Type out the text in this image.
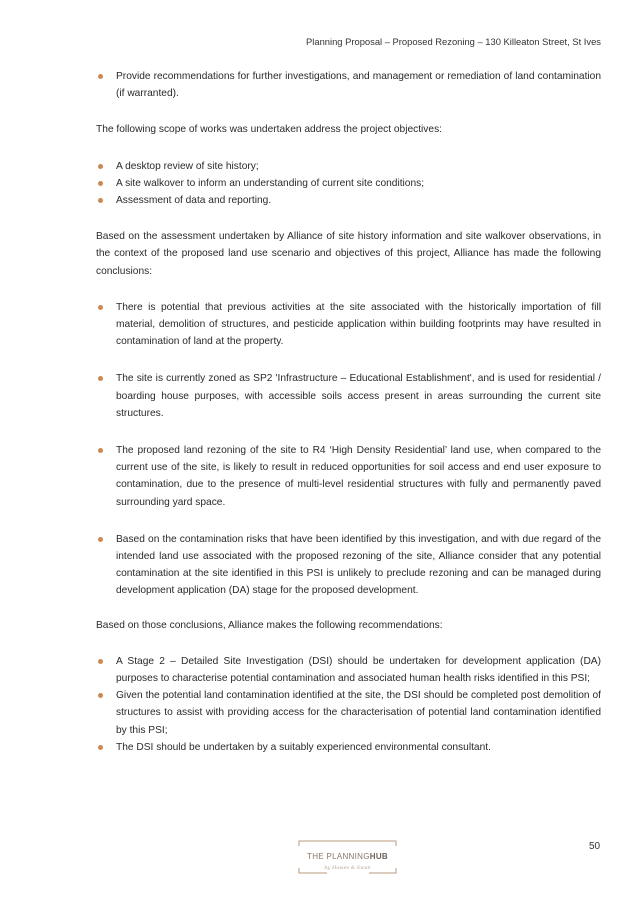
Planning Proposal – Proposed Rezoning – 130 Killeaton Street, St Ives
Provide recommendations for further investigations, and management or remediation of land contamination (if warranted).

The following scope of works was undertaken address the project objectives:

A desktop review of site history;
A site walkover to inform an understanding of current site conditions;
Assessment of data and reporting.

Based on the assessment undertaken by Alliance of site history information and site walkover observations, in the context of the proposed land use scenario and objectives of this project, Alliance has made the following conclusions:

There is potential that previous activities at the site associated with the historically importation of fill material, demolition of structures, and pesticide application within building footprints may have resulted in contamination of land at the property.
The site is currently zoned as SP2 'Infrastructure – Educational Establishment', and is used for residential / boarding house purposes, with accessible soils access present in areas surrounding the current site structures.
The proposed land rezoning of the site to R4 ‘High Density Residential’ land use, when compared to the current use of the site, is likely to result in reduced opportunities for soil access and end user exposure to contamination, due to the presence of multi-level residential structures with fully and permanently paved surrounding yard space.
Based on the contamination risks that have been identified by this investigation, and with due regard of the intended land use associated with the proposed rezoning of the site, Alliance consider that any potential contamination at the site identified in this PSI is unlikely to preclude rezoning and can be managed during development application (DA) stage for the proposed development.

Based on those conclusions, Alliance makes the following recommendations:

A Stage 2 – Detailed Site Investigation (DSI) should be undertaken for development application (DA) purposes to characterise potential contamination and associated human health risks identified in this PSI;
Given the potential land contamination identified at the site, the DSI should be completed post demolition of structures to assist with providing access for the characterisation of potential land contamination identified by this PSI;
The DSI should be undertaken by a suitably experienced environmental consultant.
THE PLANNINGHUB
by Hawes & Swan
50
